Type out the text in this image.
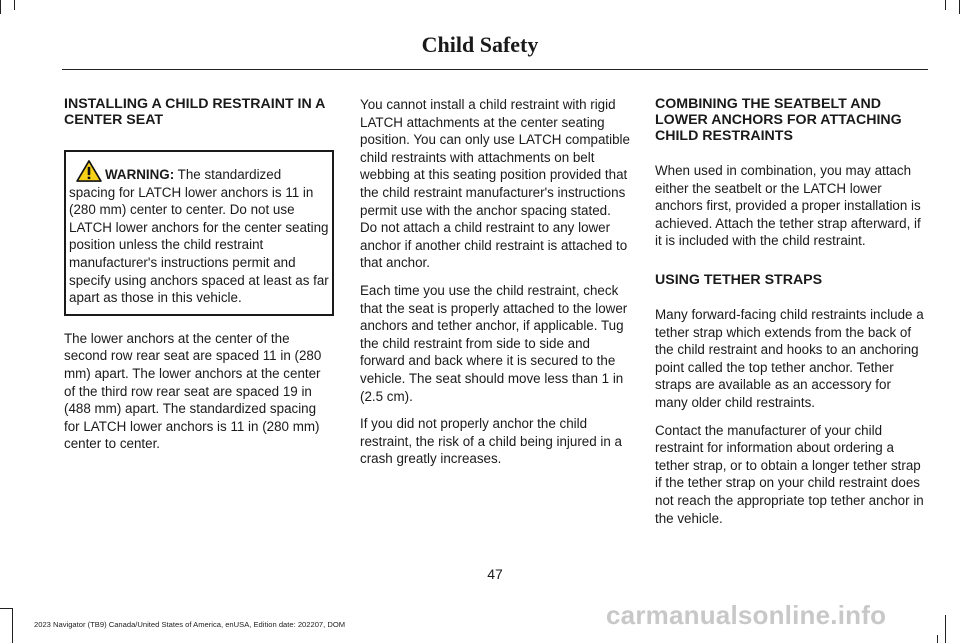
Child Safety
INSTALLING A CHILD RESTRAINT IN A CENTER SEAT
WARNING: The standardized spacing for LATCH lower anchors is 11 in (280 mm) center to center. Do not use LATCH lower anchors for the center seating position unless the child restraint manufacturer's instructions permit and specify using anchors spaced at least as far apart as those in this vehicle.

The lower anchors at the center of the second row rear seat are spaced 11 in (280 mm) apart. The lower anchors at the center of the third row rear seat are spaced 19 in (488 mm) apart. The standardized spacing for LATCH lower anchors is 11 in (280 mm) center to center.

You cannot install a child restraint with rigid LATCH attachments at the center seating position. You can only use LATCH compatible child restraints with attachments on belt webbing at this seating position provided that the child restraint manufacturer's instructions permit use with the anchor spacing stated. Do not attach a child restraint to any lower anchor if another child restraint is attached to that anchor.

Each time you use the child restraint, check that the seat is properly attached to the lower anchors and tether anchor, if applicable. Tug the child restraint from side to side and forward and back where it is secured to the vehicle. The seat should move less than 1 in (2.5 cm).

If you did not properly anchor the child restraint, the risk of a child being injured in a crash greatly increases.

COMBINING THE SEATBELT AND LOWER ANCHORS FOR ATTACHING CHILD RESTRAINTS

When used in combination, you may attach either the seatbelt or the LATCH lower anchors first, provided a proper installation is achieved. Attach the tether strap afterward, if it is included with the child restraint.

USING TETHER STRAPS

Many forward-facing child restraints include a tether strap which extends from the back of the child restraint and hooks to an anchoring point called the top tether anchor. Tether straps are available as an accessory for many older child restraints.

Contact the manufacturer of your child restraint for information about ordering a tether strap, or to obtain a longer tether strap if the tether strap on your child restraint does not reach the appropriate top tether anchor in the vehicle.

47
2023 Navigator (TB9) Canada/United States of America, enUSA, Edition date: 202207, DOM	carmanualsonline.info
